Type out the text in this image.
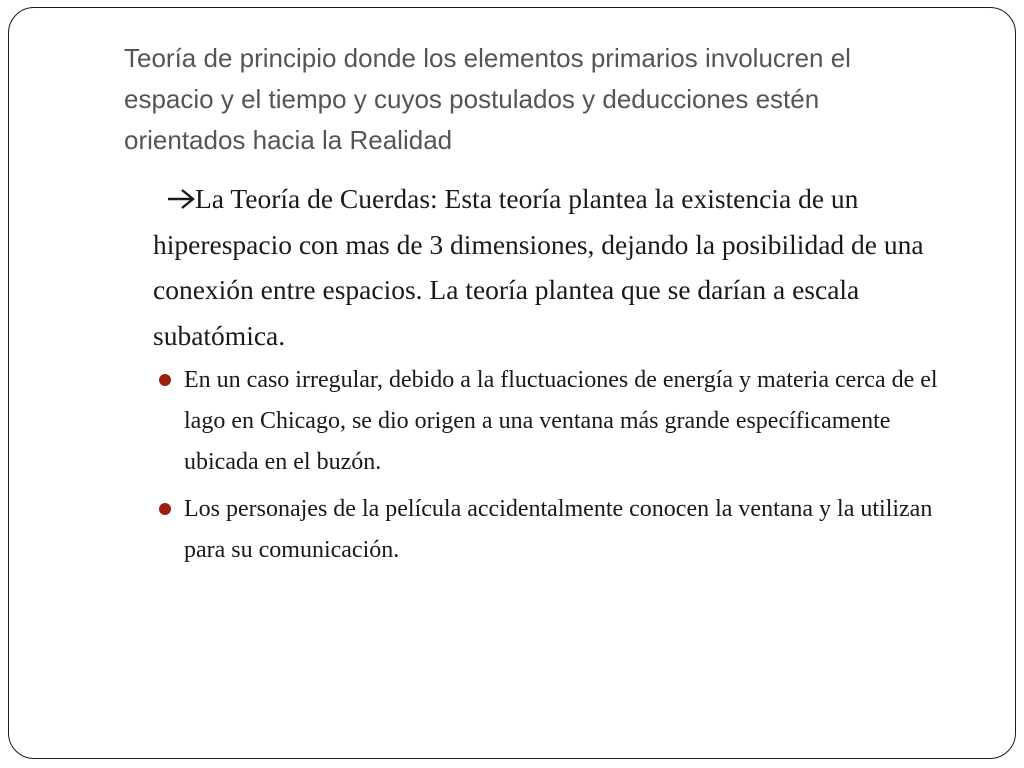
Teoría de principio donde los elementos primarios involucren el espacio y el tiempo y cuyos postulados y deducciones estén orientados hacia la Realidad

La Teoría de Cuerdas: Esta teoría plantea la existencia de un hiperespacio con mas de 3 dimensiones, dejando la posibilidad de una conexión entre espacios. La teoría plantea que se darían a escala subatómica.

En un caso irregular, debido a la fluctuaciones de energía y materia cerca de el lago en Chicago, se dio origen a una ventana más grande específicamente ubicada en el buzón.
Los personajes de la película accidentalmente conocen la ventana y la utilizan para su comunicación.
